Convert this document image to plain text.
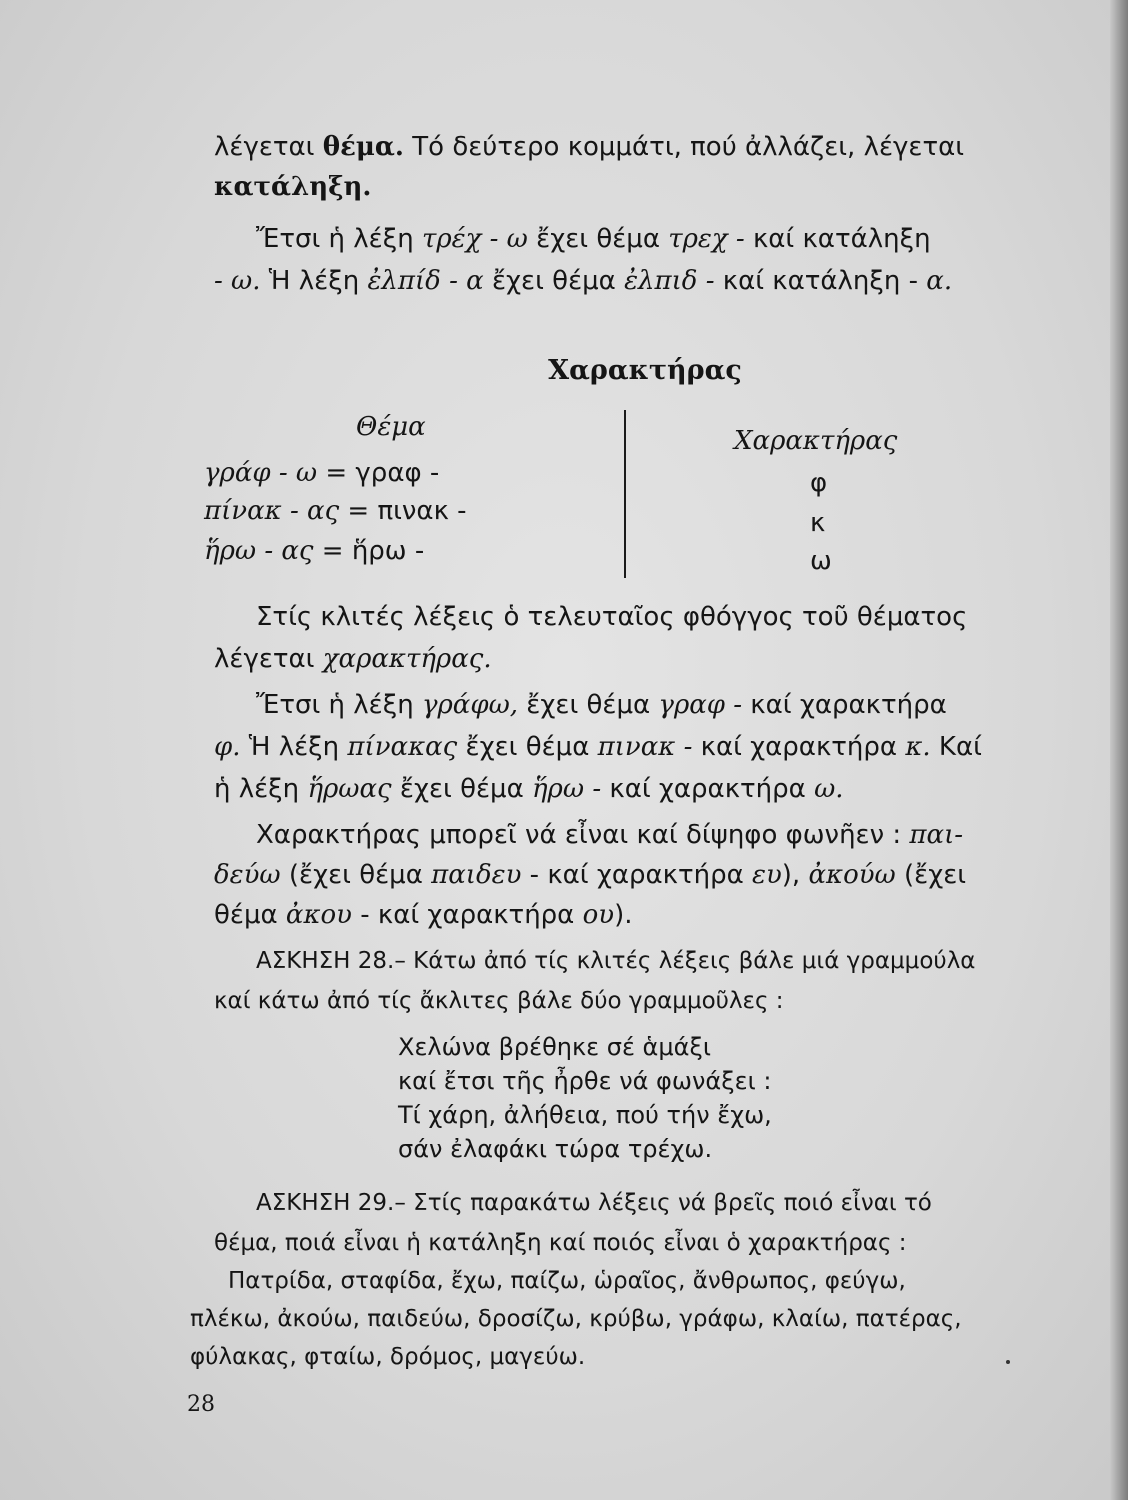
λέγεται θέμα. Τό δεύτερο κομμάτι, πού ἀλλάζει, λέγεται

κατάληξη.

Ἔτσι ἡ λέξη τρέχ - ω ἔχει θέμα τρεχ - καί κατάληξη

- ω. Ἡ λέξη ἐλπίδ - α ἔχει θέμα ἐλπιδ - καί κατάληξη - α.

Χαρακτήρας

Θέμα	Χαρακτήρας

γράφ - ω = γραφ -

πίνακ - ας = πινακ -

ἥρω - ας = ἥρω -

φ

κ

ω

Στίς κλιτές λέξεις ὁ τελευταῖος φθόγγος τοῦ θέματος

λέγεται χαρακτήρας.

Ἔτσι ἡ λέξη γράφω, ἔχει θέμα γραφ - καί χαρακτήρα

φ. Ἡ λέξη πίνακας ἔχει θέμα πινακ - καί χαρακτήρα κ. Καί

ἡ λέξη ἥρωας ἔχει θέμα ἥρω - καί χαρακτήρα ω.

Χαρακτήρας μπορεῖ νά εἶναι καί δίψηφο φωνῆεν : παι-

δεύω (ἔχει θέμα παιδευ - καί χαρακτήρα ευ), ἀκούω (ἔχει

θέμα ἀκου - καί χαρακτήρα ου).

ΑΣΚΗΣΗ 28.– Κάτω ἀπό τίς κλιτές λέξεις βάλε μιά γραμμούλα

καί κάτω ἀπό τίς ἄκλιτες βάλε δύο γραμμοῦλες :

Χελώνα βρέθηκε σέ ἁμάξι
καί ἔτσι τῆς ἦρθε νά φωνάξει :
Τί χάρη, ἀλήθεια, πού τήν ἔχω,
σάν ἐλαφάκι τώρα τρέχω.

ΑΣΚΗΣΗ 29.– Στίς παρακάτω λέξεις νά βρεῖς ποιό εἶναι τό

θέμα, ποιά εἶναι ἡ κατάληξη καί ποιός εἶναι ὁ χαρακτήρας :

Πατρίδα, σταφίδα, ἔχω, παίζω, ὡραῖος, ἄνθρωπος, φεύγω,

πλέκω, ἀκούω, παιδεύω, δροσίζω, κρύβω, γράφω, κλαίω, πατέρας,

φύλακας, φταίω, δρόμος, μαγεύω.

28
